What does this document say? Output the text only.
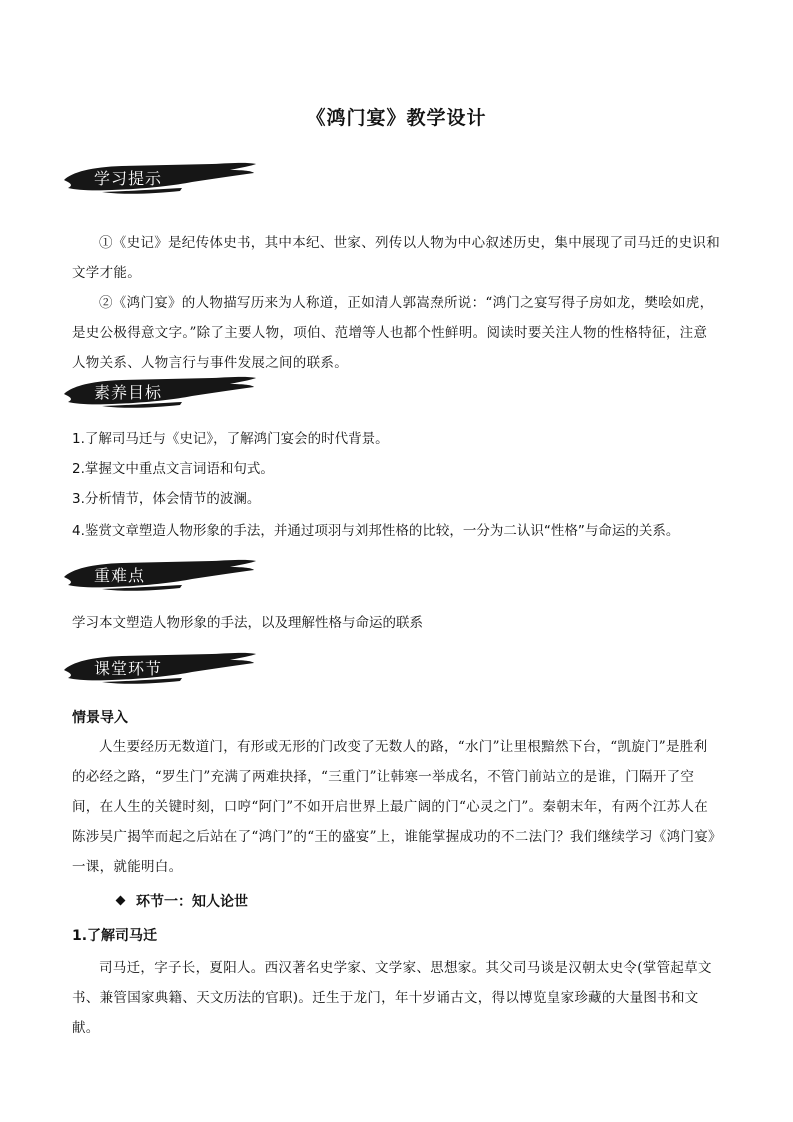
《鸿门宴》教学设计
学习提示
①《史记》是纪传体史书，其中本纪、世家、列传以人物为中心叙述历史，集中展现了司马迁的史识和文学才能。
②《鸿门宴》的人物描写历来为人称道，正如清人郭嵩焘所说：“鸿门之宴写得子房如龙，樊哙如虎，是史公极得意文字。”除了主要人物，项伯、范增等人也都个性鲜明。阅读时要关注人物的性格特征，注意人物关系、人物言行与事件发展之间的联系。
素养目标
1.了解司马迁与《史记》，了解鸿门宴会的时代背景。
2.掌握文中重点文言词语和句式。
3.分析情节，体会情节的波澜。
4.鉴赏文章塑造人物形象的手法，并通过项羽与刘邦性格的比较，一分为二认识“性格”与命运的关系。
重难点
学习本文塑造人物形象的手法，以及理解性格与命运的联系
课堂环节
情景导入
人生要经历无数道门，有形或无形的门改变了无数人的路，“水门”让里根黯然下台，“凯旋门”是胜利的必经之路，“罗生门”充满了两难抉择，“三重门”让韩寒一举成名，不管门前站立的是谁，门隔开了空间，在人生的关键时刻，口哼“阿门”不如开启世界上最广阔的门“心灵之门”。秦朝末年，有两个江苏人在陈涉吴广揭竿而起之后站在了“鸿门”的“王的盛宴”上，谁能掌握成功的不二法门？我们继续学习《鸿门宴》一课，就能明白。
环节一：知人论世
1.了解司马迁
司马迁，字子长，夏阳人。西汉著名史学家、文学家、思想家。其父司马谈是汉朝太史令(掌管起草文书、兼管国家典籍、天文历法的官职)。迁生于龙门，年十岁诵古文，得以博览皇家珍藏的大量图书和文献。
